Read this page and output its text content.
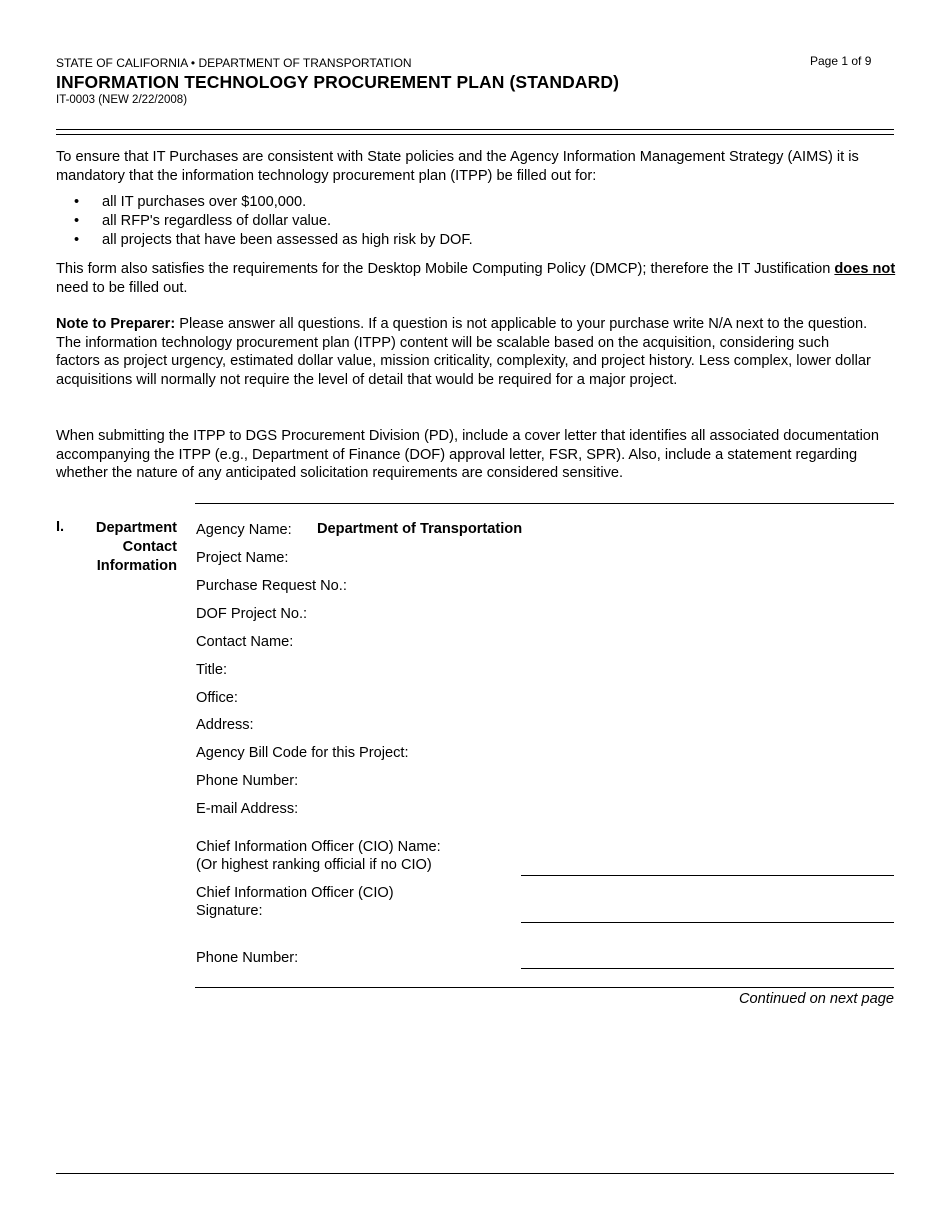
STATE OF CALIFORNIA • DEPARTMENT OF TRANSPORTATION
INFORMATION TECHNOLOGY PROCUREMENT PLAN (STANDARD)
IT-0003 (NEW 2/22/2008)
Page 1 of 9

To ensure that IT Purchases are consistent with State policies and the Agency Information Management Strategy (AIMS) it is mandatory that the information technology procurement plan (ITPP) be filled out for:

• all IT purchases over $100,000.
• all RFP's regardless of dollar value.
• all projects that have been assessed as high risk by DOF.

This form also satisfies the requirements for the Desktop Mobile Computing Policy (DMCP); therefore the IT Justification does not need to be filled out.

Note to Preparer: Please answer all questions. If a question is not applicable to your purchase write N/A next to the question. The information technology procurement plan (ITPP) content will be scalable based on the acquisition, considering such factors as project urgency, estimated dollar value, mission criticality, complexity, and project history. Less complex, lower dollar acquisitions will normally not require the level of detail that would be required for a major project.

When submitting the ITPP to DGS Procurement Division (PD), include a cover letter that identifies all associated documentation accompanying the ITPP (e.g., Department of Finance (DOF) approval letter, FSR, SPR). Also, include a statement regarding whether the nature of any anticipated solicitation requirements are considered sensitive.

I.	Department
Contact
Information
Agency Name: Department of Transportation
Project Name:
Purchase Request No.:
DOF Project No.:
Contact Name:
Title:
Office:
Address:
Agency Bill Code for this Project:
Phone Number:
E-mail Address:
Chief Information Officer (CIO) Name:
(Or highest ranking official if no CIO)
Chief Information Officer (CIO)
Signature:
Phone Number:
Continued on next page
